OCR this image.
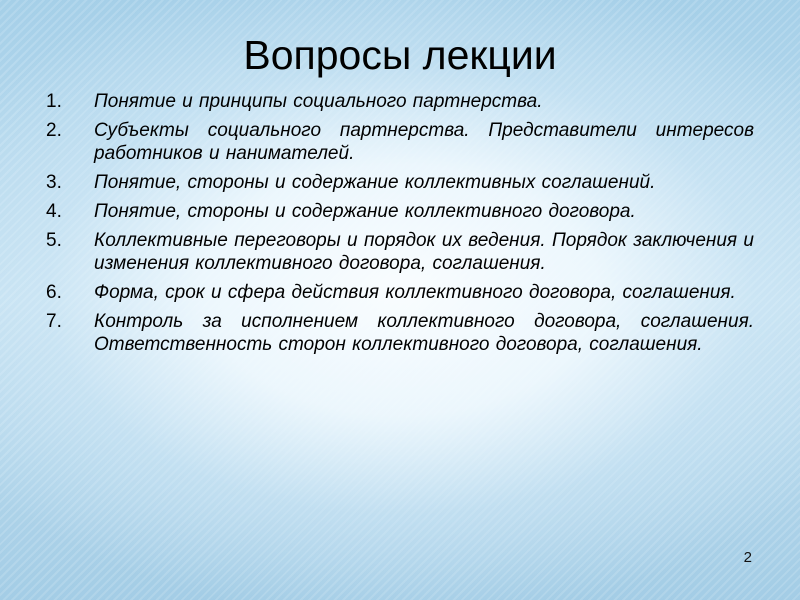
Вопросы лекции
1. Понятие и принципы социального партнерства.
2. Субъекты социального партнерства. Представители интересов работников и нанимателей.
3. Понятие, стороны и содержание коллективных соглашений.
4. Понятие, стороны и содержание коллективного договора.
5. Коллективные переговоры и порядок их ведения. Порядок заключения и изменения коллективного договора, соглашения.
6. Форма, срок и сфера действия коллективного договора, соглашения.
7. Контроль за исполнением коллективного договора, соглашения. Ответственность сторон коллективного договора, соглашения.
2
